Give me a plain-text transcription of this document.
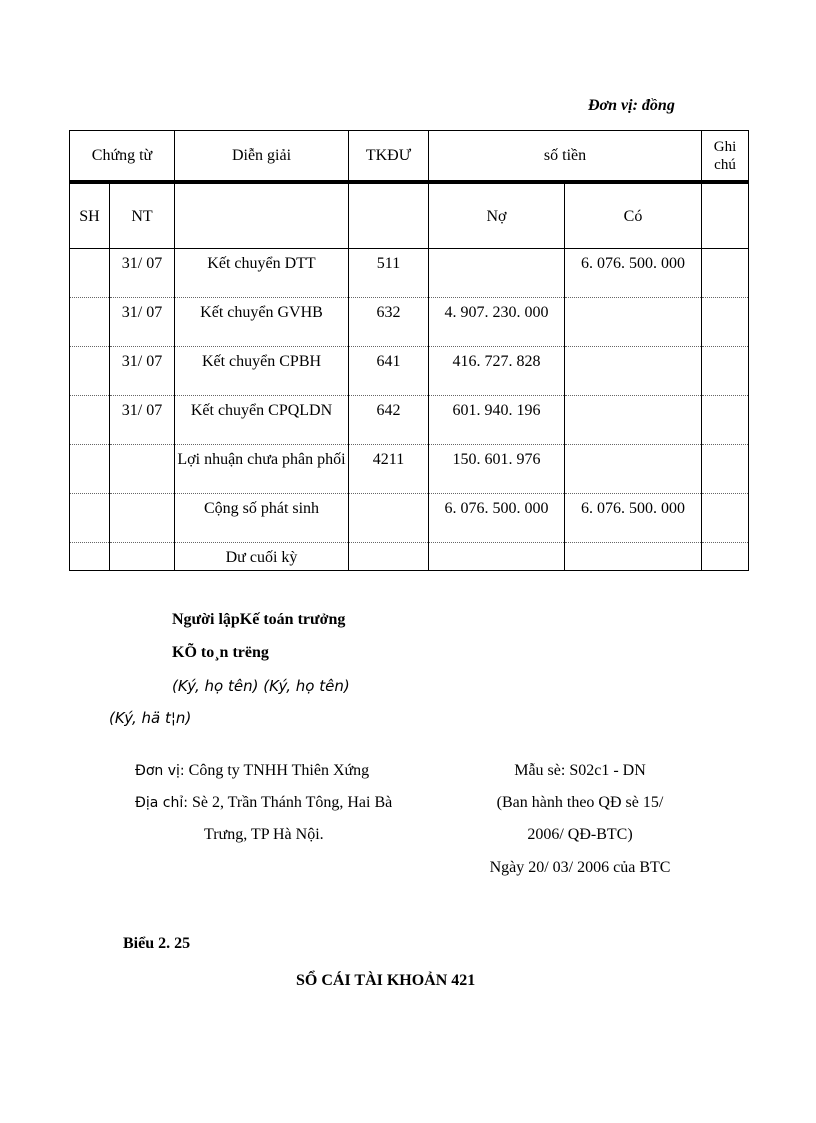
Đơn vị: đồng
Chứng từ		Diễn giải	TKĐƯ	số tiền		Ghi chú
SH	NT			Nợ	Có	
	31/ 07	Kết chuyển DTT	511		6. 076. 500. 000	
	31/ 07	Kết chuyển GVHB	632	4. 907. 230. 000		
	31/ 07	Kết chuyển CPBH	641	416. 727. 828		
	31/ 07	Kết chuyển CPQLDN	642	601. 940. 196		
		Lợi nhuận chưa phân phối	4211	150. 601. 976		
		Cộng số phát sinh		6. 076. 500. 000	6. 076. 500. 000	
		Dư cuối kỳ				
Người lậpKế toán trưởng
KÕ to¸n trëng
(Ký, họ tên) (Ký, họ tên)
(Ký, hä t¦n)
Đơn vị: Công ty TNHH Thiên Xứng
Địa chỉ: Sè 2, Trần Thánh Tông, Hai Bà
Trưng, TP Hà Nội.
Mẫu sè: S02c1 - DN
(Ban hành theo QĐ sè 15/
2006/ QĐ-BTC)
Ngày 20/ 03/ 2006 của BTC
Biểu 2. 25
SỔ CÁI TÀI KHOẢN 421
